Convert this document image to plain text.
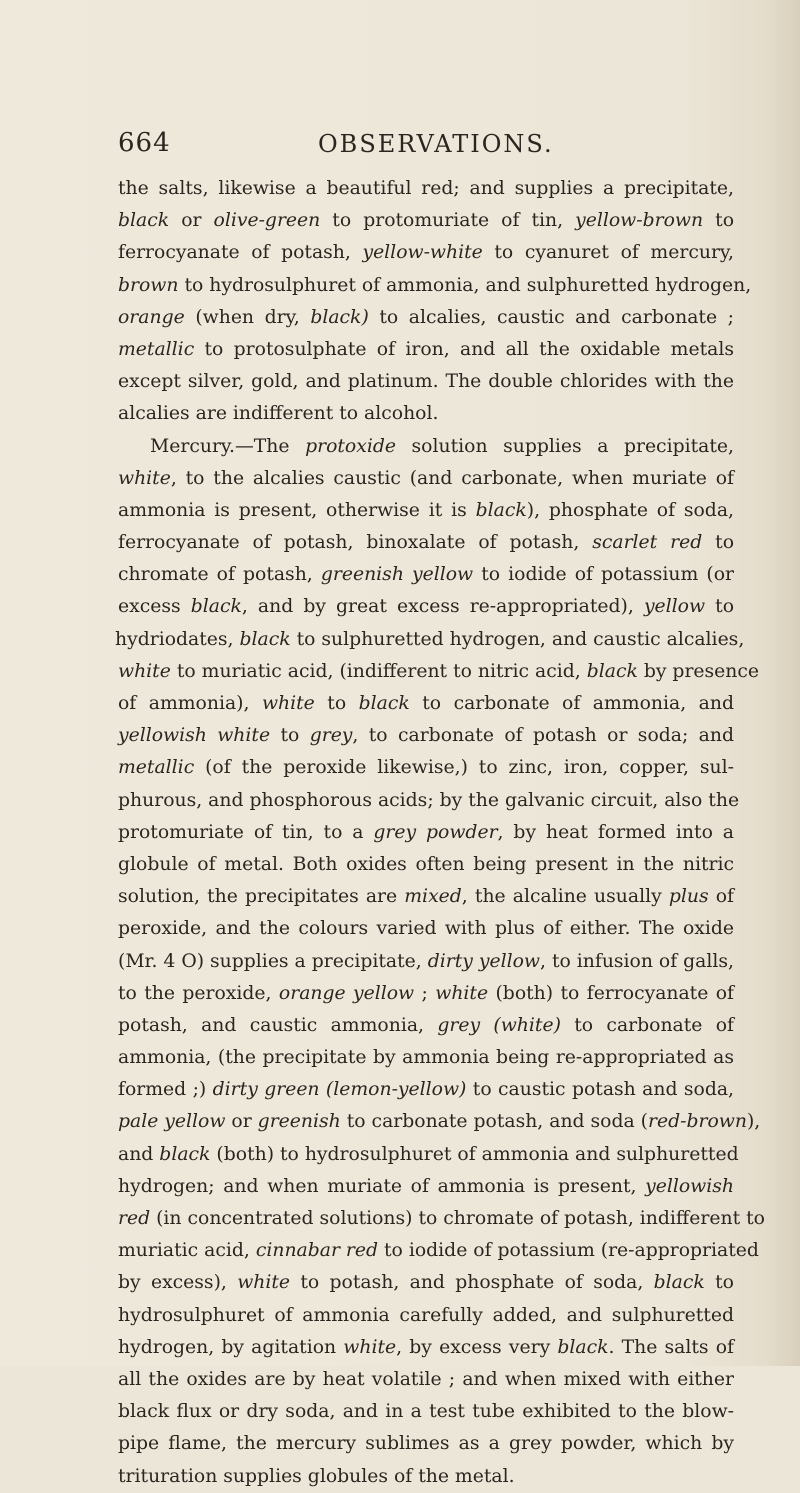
664	OBSERVATIONS.
the salts, likewise a beautiful red; and supplies a precipitate,
black or olive-green to protomuriate of tin, yellow-brown to
ferrocyanate of potash, yellow-white to cyanuret of mercury,
brown to hydrosulphuret of ammonia, and sulphuretted hydrogen,
orange (when dry, black) to alcalies, caustic and carbonate ;
metallic to protosulphate of iron, and all the oxidable metals
except silver, gold, and platinum. The double chlorides with the
alcalies are indifferent to alcohol.
Mercury.—The protoxide solution supplies a precipitate,
white, to the alcalies caustic (and carbonate, when muriate of
ammonia is present, otherwise it is black), phosphate of soda,
ferrocyanate of potash, binoxalate of potash, scarlet red to
chromate of potash, greenish yellow to iodide of potassium (or
excess black, and by great excess re-appropriated), yellow to
hydriodates, black to sulphuretted hydrogen, and caustic alcalies,
white to muriatic acid, (indifferent to nitric acid, black by presence
of ammonia), white to black to carbonate of ammonia, and
yellowish white to grey, to carbonate of potash or soda; and
metallic (of the peroxide likewise,) to zinc, iron, copper, sul-
phurous, and phosphorous acids; by the galvanic circuit, also the
protomuriate of tin, to a grey powder, by heat formed into a
globule of metal. Both oxides often being present in the nitric
solution, the precipitates are mixed, the alcaline usually plus of
peroxide, and the colours varied with plus of either. The oxide
(Mr. 4 O) supplies a precipitate, dirty yellow, to infusion of galls,
to the peroxide, orange yellow ; white (both) to ferrocyanate of
potash, and caustic ammonia, grey (white) to carbonate of
ammonia, (the precipitate by ammonia being re-appropriated as
formed ;) dirty green (lemon-yellow) to caustic potash and soda,
pale yellow or greenish to carbonate potash, and soda (red-brown),
and black (both) to hydrosulphuret of ammonia and sulphuretted
hydrogen; and when muriate of ammonia is present, yellowish
red (in concentrated solutions) to chromate of potash, indifferent to
muriatic acid, cinnabar red to iodide of potassium (re-appropriated
by excess), white to potash, and phosphate of soda, black to
hydrosulphuret of ammonia carefully added, and sulphuretted
hydrogen, by agitation white, by excess very black. The salts of
all the oxides are by heat volatile ; and when mixed with either
black flux or dry soda, and in a test tube exhibited to the blow-
pipe flame, the mercury sublimes as a grey powder, which by
trituration supplies globules of the metal.
